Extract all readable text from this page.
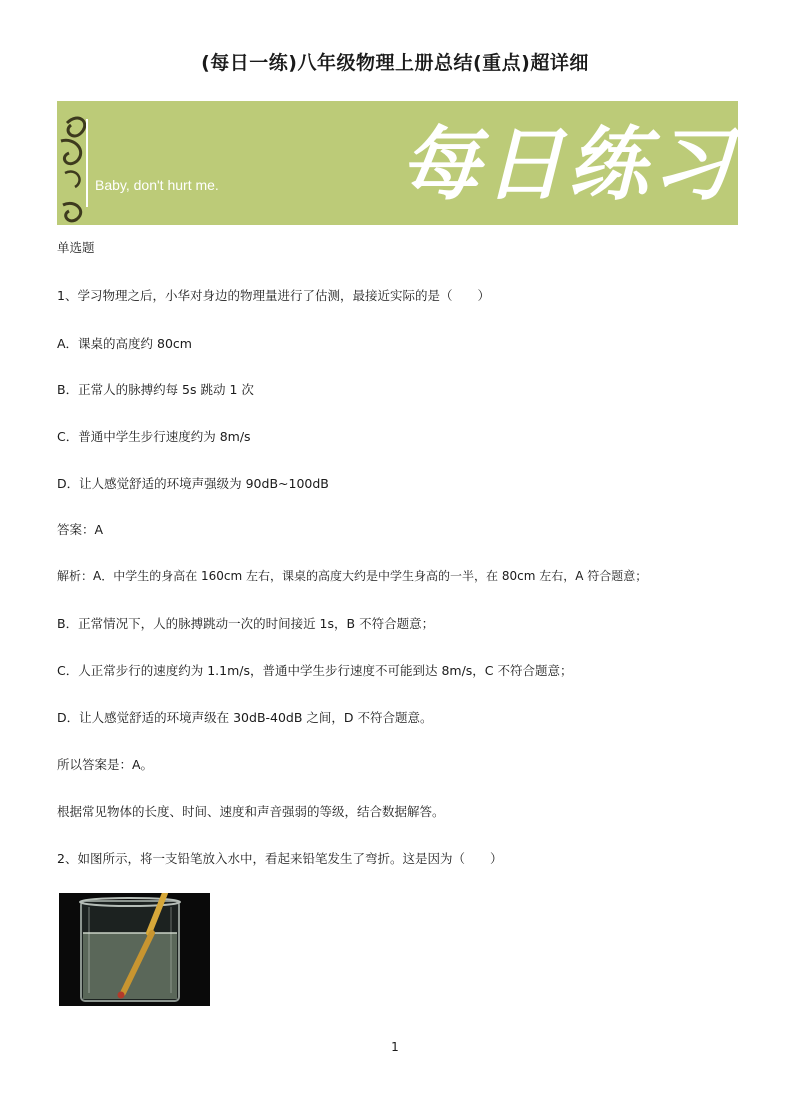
(每日一练)八年级物理上册总结(重点)超详细
Baby, don't hurt me. 每日练习
单选题
1、学习物理之后，小华对身边的物理量进行了估测，最接近实际的是（　　）
A．课桌的高度约 80cm
B．正常人的脉搏约每 5s 跳动 1 次
C．普通中学生步行速度约为 8m/s
D．让人感觉舒适的环境声强级为 90dB~100dB
答案：A
解析：A．中学生的身高在 160cm 左右，课桌的高度大约是中学生身高的一半，在 80cm 左右，A 符合题意；
B．正常情况下，人的脉搏跳动一次的时间接近 1s，B 不符合题意；
C．人正常步行的速度约为 1.1m/s，普通中学生步行速度不可能到达 8m/s，C 不符合题意；
D．让人感觉舒适的环境声级在 30dB-40dB 之间，D 不符合题意。
所以答案是：A。
根据常见物体的长度、时间、速度和声音强弱的等级，结合数据解答。
2、如图所示，将一支铅笔放入水中，看起来铅笔发生了弯折。这是因为（　　）
1
